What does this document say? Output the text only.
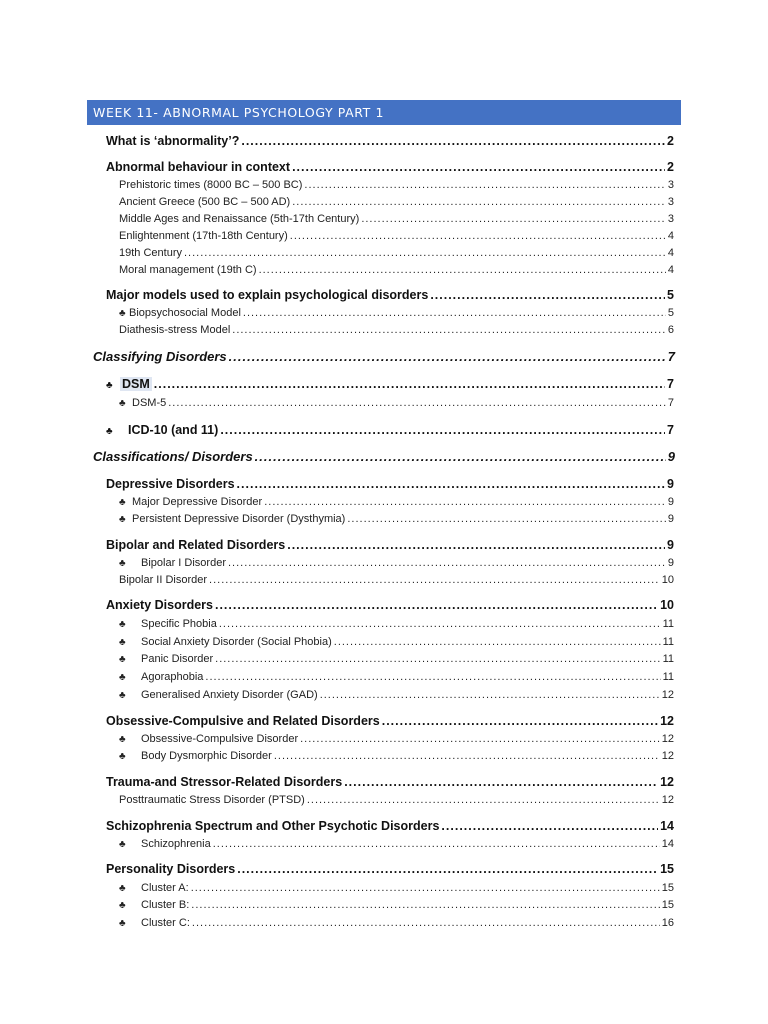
WEEK 11- ABNORMAL PSYCHOLOGY PART 1
What is ‘abnormality’? .....	2
Abnormal behaviour in context .....	2
Prehistoric times (8000 BC – 500 BC) .....	3
Ancient Greece (500 BC – 500 AD) .....	3
Middle Ages and Renaissance (5th-17th Century) .....	3
Enlightenment (17th-18th Century) .....	4
19th Century .....	4
Moral management (19th C) .....	4
Major models used to explain psychological disorders .....	5
♣ Biopsychosocial Model .....	5
Diathesis-stress Model .....	6
Classifying Disorders .....	7
♣ DSM .....	7
♣ DSM-5 .....	7
♣	ICD-10 (and 11) .....	7
Classifications/ Disorders .....	9
Depressive Disorders .....	9
♣ Major Depressive Disorder .....	9
♣ Persistent Depressive Disorder (Dysthymia) .....	9
Bipolar and Related Disorders .....	9
♣	Bipolar I Disorder .....	9
Bipolar II Disorder .....	10
Anxiety Disorders .....	10
♣	Specific Phobia .....	11
♣	Social Anxiety Disorder (Social Phobia) .....	11
♣	Panic Disorder .....	11
♣	Agoraphobia .....	11
♣	Generalised Anxiety Disorder (GAD) .....	12
Obsessive-Compulsive and Related Disorders .....	12
♣	Obsessive-Compulsive Disorder .....	12
♣	Body Dysmorphic Disorder .....	12
Trauma-and Stressor-Related Disorders .....	12
Posttraumatic Stress Disorder (PTSD) .....	12
Schizophrenia Spectrum and Other Psychotic Disorders .....	14
♣	Schizophrenia .....	14
Personality Disorders .....	15
♣	Cluster A: .....	15
♣	Cluster B: .....	15
♣	Cluster C: .....	16
